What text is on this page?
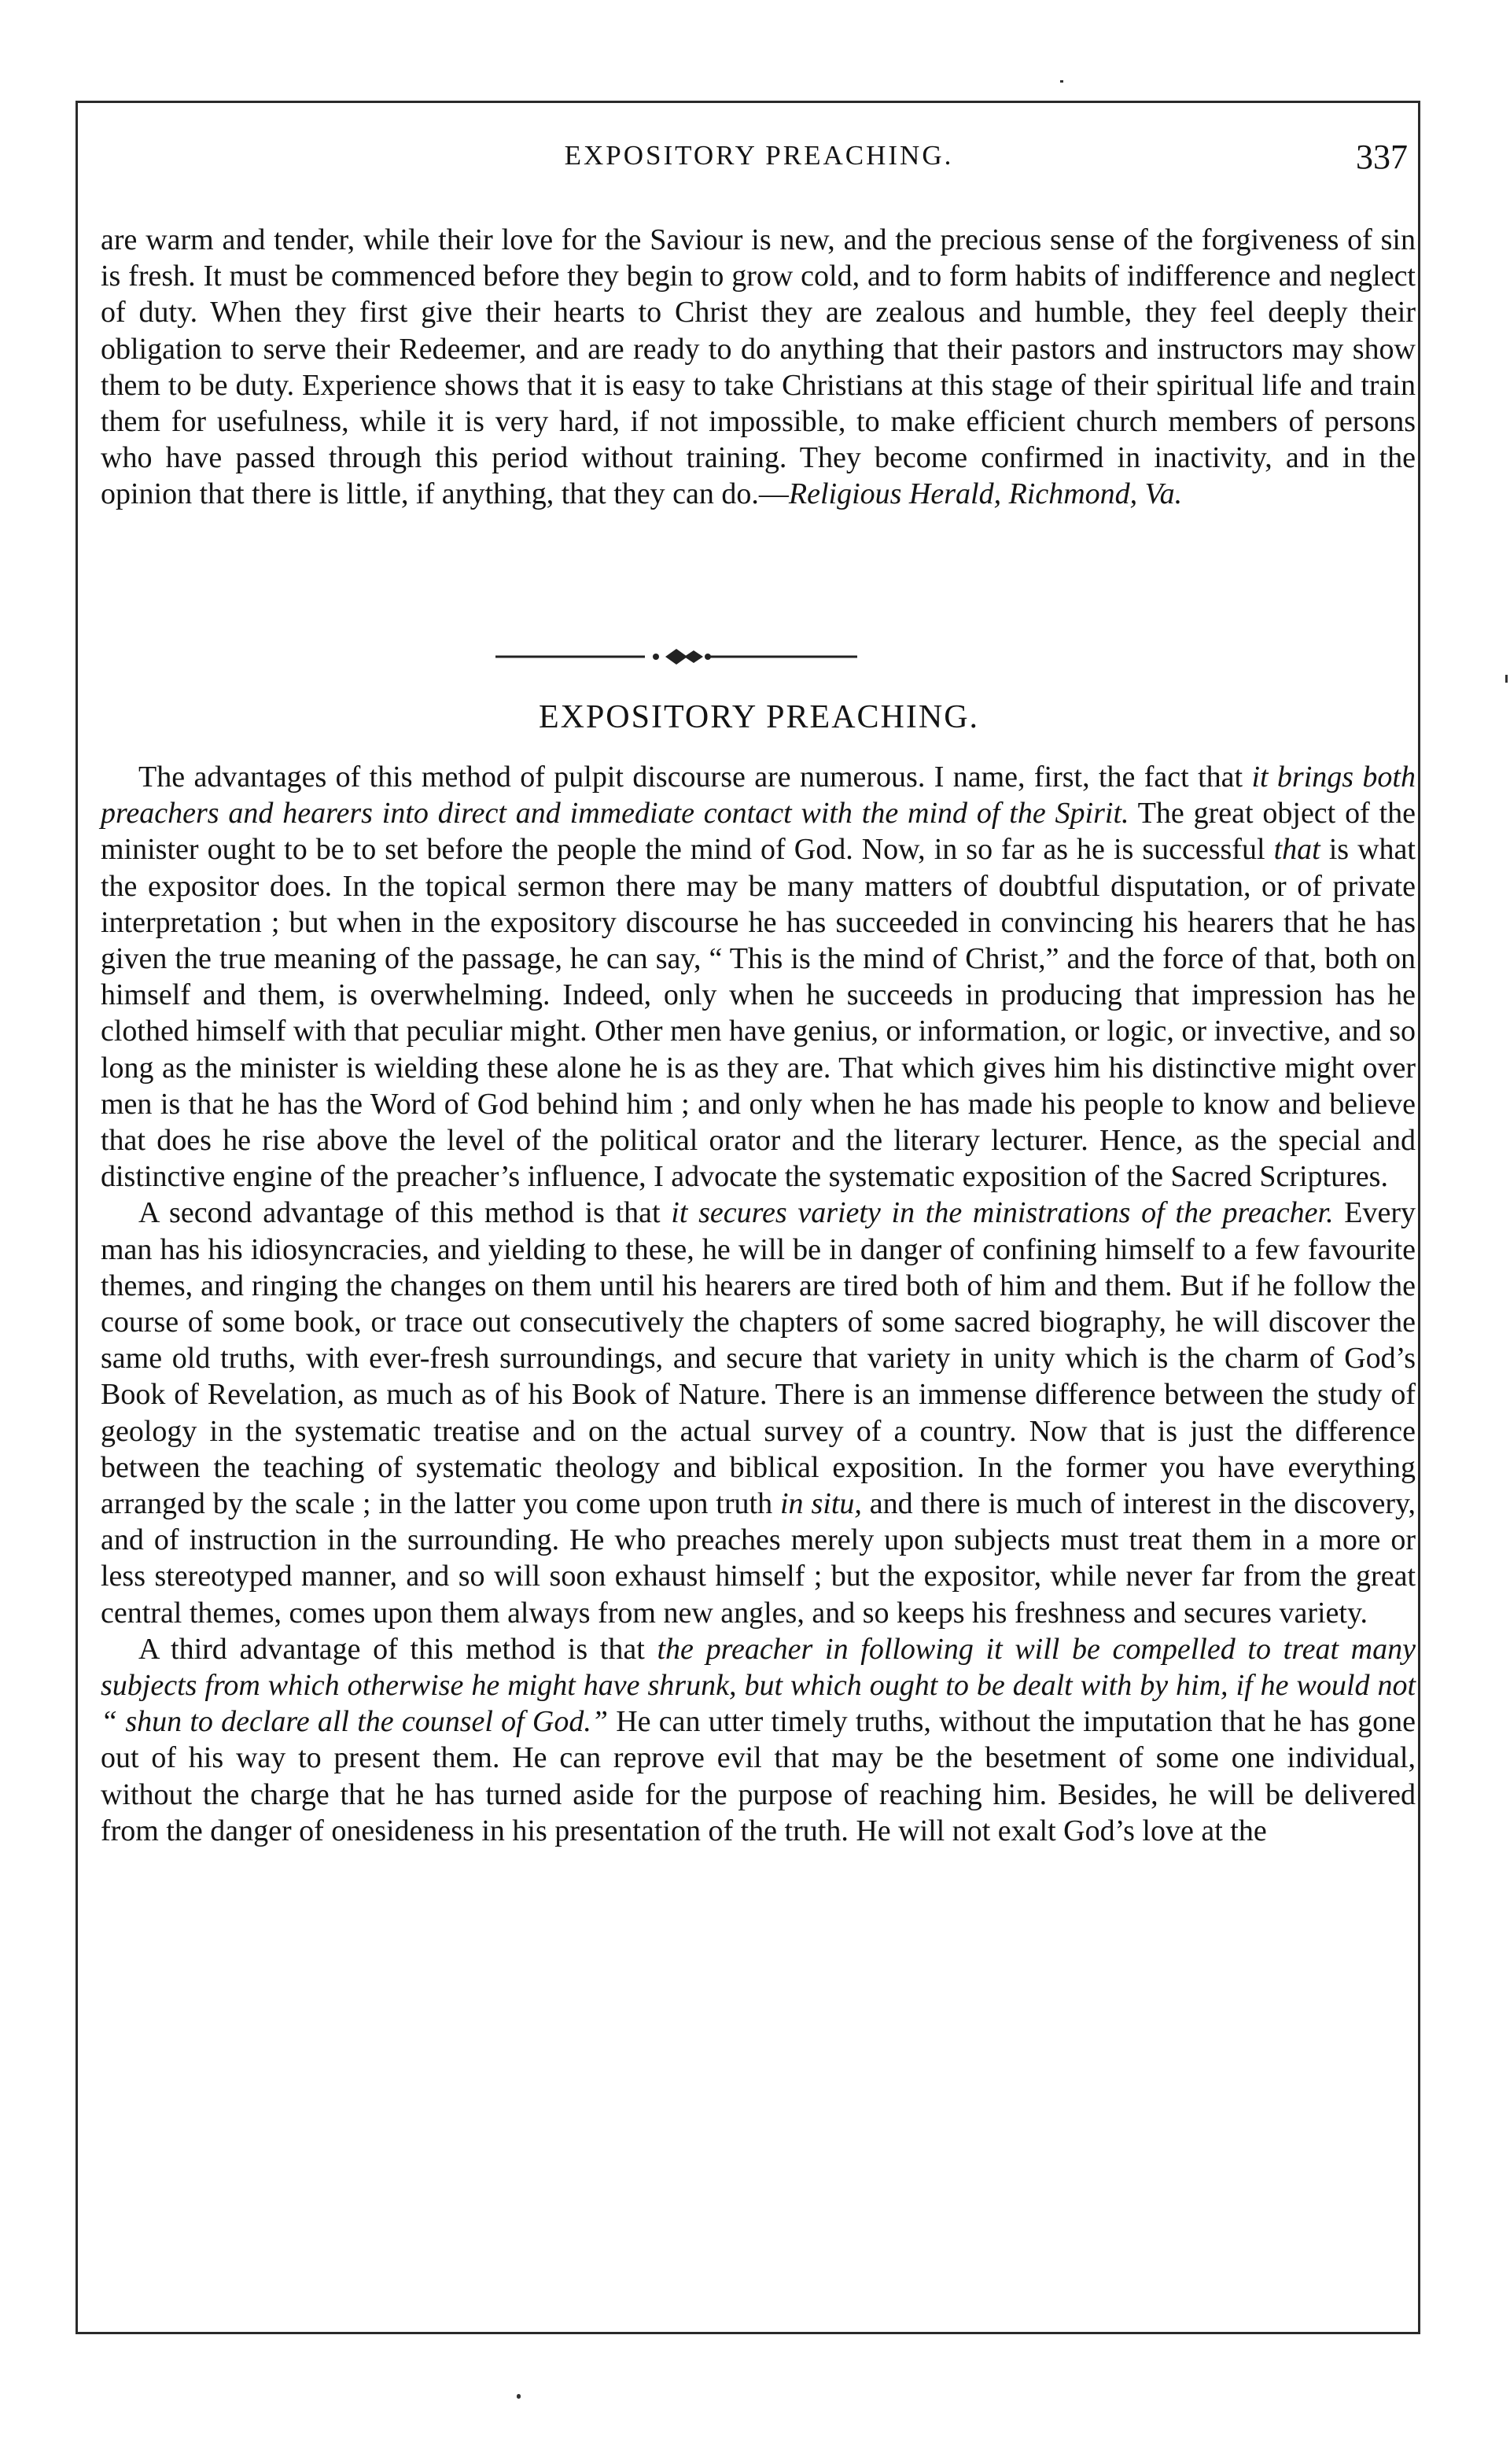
EXPOSITORY PREACHING.	337

are warm and tender, while their love for the Saviour is new, and the precious sense of the forgiveness of sin is fresh. It must be commenced before they begin to grow cold, and to form habits of indifference and neglect of duty. When they first give their hearts to Christ they are zealous and humble, they feel deeply their obligation to serve their Redeemer, and are ready to do anything that their pastors and instructors may show them to be duty. Experience shows that it is easy to take Christians at this stage of their spiritual life and train them for usefulness, while it is very hard, if not impossible, to make efficient church members of persons who have passed through this period without training. They become confirmed in inactivity, and in the opinion that there is little, if anything, that they can do.—Religious Herald, Richmond, Va.

EXPOSITORY PREACHING.

The advantages of this method of pulpit discourse are numerous. I name, first, the fact that it brings both preachers and hearers into direct and immediate contact with the mind of the Spirit. The great object of the minister ought to be to set before the people the mind of God. Now, in so far as he is successful that is what the expositor does. In the topical sermon there may be many matters of doubtful disputation, or of private interpretation ; but when in the expository discourse he has succeeded in convincing his hearers that he has given the true meaning of the passage, he can say, “ This is the mind of Christ,” and the force of that, both on himself and them, is overwhelming. Indeed, only when he succeeds in producing that impression has he clothed himself with that peculiar might. Other men have genius, or information, or logic, or invective, and so long as the minister is wielding these alone he is as they are. That which gives him his distinctive might over men is that he has the Word of God behind him ; and only when he has made his people to know and believe that does he rise above the level of the political orator and the literary lecturer. Hence, as the special and distinctive engine of the preacher’s influence, I advocate the systematic exposition of the Sacred Scriptures.

A second advantage of this method is that it secures variety in the ministrations of the preacher. Every man has his idiosyncracies, and yielding to these, he will be in danger of confining himself to a few favourite themes, and ringing the changes on them until his hearers are tired both of him and them. But if he follow the course of some book, or trace out consecutively the chapters of some sacred biography, he will discover the same old truths, with ever-fresh surroundings, and secure that variety in unity which is the charm of God’s Book of Revelation, as much as of his Book of Nature. There is an immense difference between the study of geology in the systematic treatise and on the actual survey of a country. Now that is just the difference between the teaching of systematic theology and biblical exposition. In the former you have everything arranged by the scale ; in the latter you come upon truth in situ, and there is much of interest in the discovery, and of instruction in the surrounding. He who preaches merely upon subjects must treat them in a more or less stereotyped manner, and so will soon exhaust himself ; but the expositor, while never far from the great central themes, comes upon them always from new angles, and so keeps his freshness and secures variety.

A third advantage of this method is that the preacher in following it will be compelled to treat many subjects from which otherwise he might have shrunk, but which ought to be dealt with by him, if he would not “ shun to declare all the counsel of God.” He can utter timely truths, without the imputation that he has gone out of his way to present them. He can reprove evil that may be the besetment of some one individual, without the charge that he has turned aside for the purpose of reaching him. Besides, he will be delivered from the danger of onesideness in his presentation of the truth. He will not exalt God’s love at the
